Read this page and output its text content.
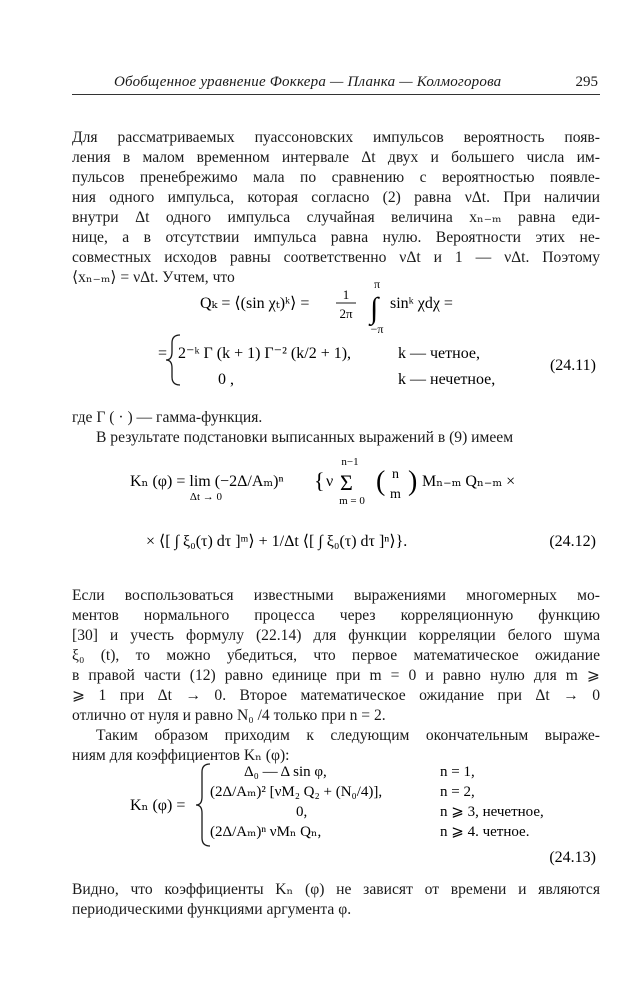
Обобщенное уравнение Фоккера — Планка — Колмогорова	295
Для рассматриваемых пуассоновских импульсов вероятность появ-
ления в малом временном интервале Δt двух и большего числа им-
пульсов пренебрежимо мала по сравнению с вероятностью появле-
ния одного импульса, которая согласно (2) равна νΔt. При наличии
внутри Δt одного импульса случайная величина xₙ₋ₘ равна еди-
нице, а в отсутствии импульса равна нулю. Вероятности этих не-
совместных исходов равны соответственно νΔt и 1 — νΔt. Поэтому
⟨xₙ₋ₘ⟩ = νΔt. Учтем, что
Qₖ = ⟨(sin χₜ)ᵏ⟩ =
1
2π
π
∫
−π
sinᵏ χdχ =
= 2⁻ᵏ Γ (k + 1) Γ⁻² (k/2 + 1),	k — четное,
0 ,	k — нечетное,
(24.11)
где Γ ( · ) — гамма-функция.
В результате подстановки выписанных выражений в (9) имеем
Kₙ (φ) = lim (−2Δ/Aₘ)ⁿ
Δt → 0
{ ν
n−1
Σ
m = 0
( n
m ) Mₙ₋ₘ Qₙ₋ₘ ×
× ⟨[ ∫ ξ₀(τ) dτ ]ᵐ⟩ + 1/Δt ⟨[ ∫ ξ₀(τ) dτ ]ⁿ⟩}.	(24.12)
Если воспользоваться известными выражениями многомерных мо-
ментов нормального процесса через корреляционную функцию
[30] и учесть формулу (22.14) для функции корреляции белого шума
ξ₀ (t), то можно убедиться, что первое математическое ожидание
в правой части (12) равно единице при m = 0 и равно нулю для m ⩾
⩾ 1 при Δt → 0. Второе математическое ожидание при Δt → 0
отлично от нуля и равно N₀ /4 только при n = 2.
Таким образом приходим к следующим окончательным выраже-
ниям для коэффициентов Kₙ (φ):
Kₙ (φ) =
Δ₀ — Δ sin φ,	n = 1,
(2Δ/Aₘ)² [νM₂ Q₂ + (N₀/4)],	n = 2,
0,	n ⩾ 3, нечетное,
(2Δ/Aₘ)ⁿ νMₙ Qₙ,	n ⩾ 4. четное.
(24.13)
Видно, что коэффициенты Kₙ (φ) не зависят от времени и являются
периодическими функциями аргумента φ.
